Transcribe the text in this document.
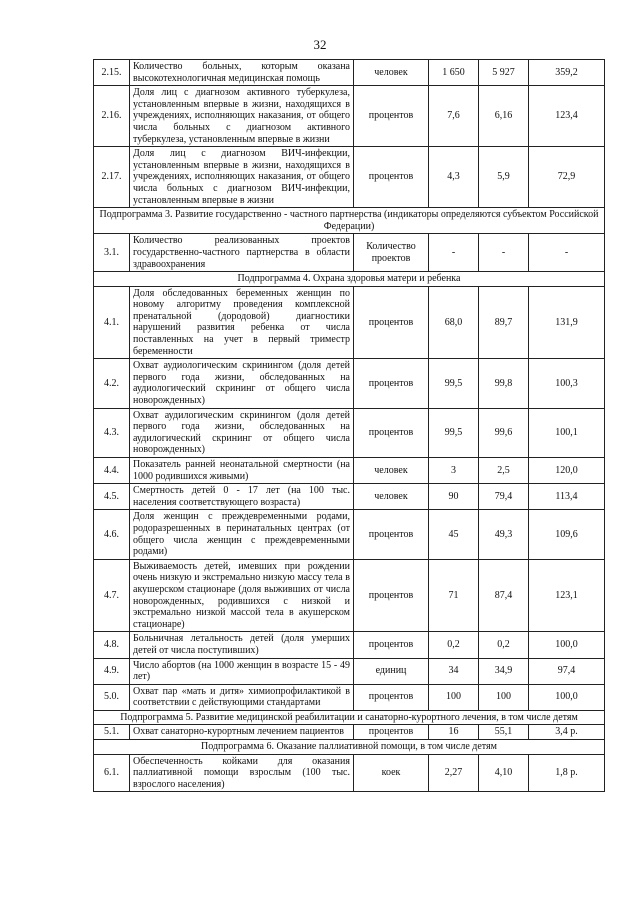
32
2.15.	Количество больных, которым оказана высокотехнологичная медицинская помощь	человек	1 650	5 927	359,2
2.16.	Доля лиц с диагнозом активного туберкулеза, установленным впервые в жизни, находящихся в учреждениях, исполняющих наказания, от общего числа больных с диагнозом активного туберкулеза, установленным впервые в жизни	процентов	7,6	6,16	123,4
2.17.	Доля лиц с диагнозом ВИЧ-инфекции, установленным впервые в жизни, находящихся в учреждениях, исполняющих наказания, от общего числа больных с диагнозом ВИЧ-инфекции, установленным впервые в жизни	процентов	4,3	5,9	72,9
Подпрограмма 3. Развитие государственно - частного партнерства (индикаторы определяются субъектом Российской Федерации)					
3.1.	Количество реализованных проектов государственно-частного партнерства в области здравоохранения	Количество проектов	-	-	-
Подпрограмма 4. Охрана здоровья матери и ребенка					
4.1.	Доля обследованных беременных женщин по новому алгоритму проведения комплексной пренатальной (дородовой) диагностики нарушений развития ребенка от числа поставленных на учет в первый триместр беременности	процентов	68,0	89,7	131,9
4.2.	Охват аудиологическим скринингом (доля детей первого года жизни, обследованных на аудиологический скрининг от общего числа новорожденных)	процентов	99,5	99,8	100,3
4.3.	Охват аудилогическим скринингом (доля детей первого года жизни, обследованных на аудилогический скрининг от общего числа новорожденных)	процентов	99,5	99,6	100,1
4.4.	Показатель ранней неонатальной смертности (на 1000 родившихся живыми)	человек	3	2,5	120,0
4.5.	Смертность детей 0 - 17 лет (на 100 тыс. населения соответствующего возраста)	человек	90	79,4	113,4
4.6.	Доля женщин с преждевременными родами, родоразрешенных в перинатальных центрах (от общего числа женщин с преждевременными родами)	процентов	45	49,3	109,6
4.7.	Выживаемость детей, имевших при рождении очень низкую и экстремально низкую массу тела в акушерском стационаре (доля выживших от числа новорожденных, родившихся с низкой и экстремально низкой массой тела в акушерском стационаре)	процентов	71	87,4	123,1
4.8.	Больничная летальность детей (доля умерших детей от числа поступивших)	процентов	0,2	0,2	100,0
4.9.	Число абортов (на 1000 женщин в возрасте 15 - 49 лет)	единиц	34	34,9	97,4
5.0.	Охват пар «мать и дитя» химиопрофилактикой в соответствии с действующими стандартами	процентов	100	100	100,0
Подпрограмма 5. Развитие медицинской реабилитации и санаторно-курортного лечения, в том числе детям					
5.1.	Охват санаторно-курортным лечением пациентов	процентов	16	55,1	3,4 р.
Подпрограмма 6. Оказание паллиативной помощи, в том числе детям					
6.1.	Обеспеченность койками для оказания паллиативной помощи взрослым (100 тыс. взрослого населения)	коек	2,27	4,10	1,8 р.
